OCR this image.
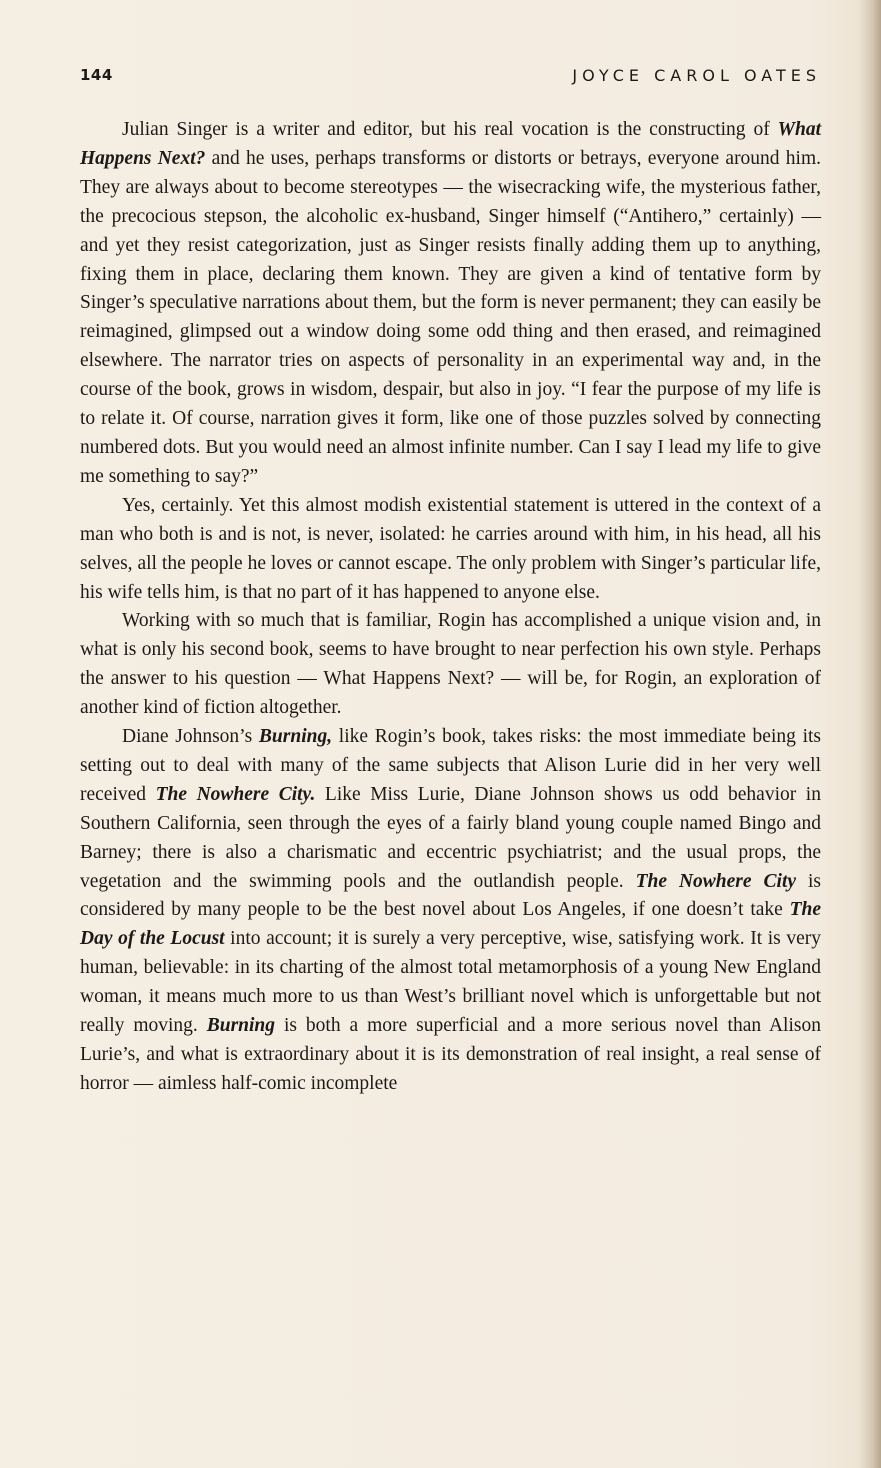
144	JOYCE CAROL OATES

Julian Singer is a writer and editor, but his real vocation is the constructing of What Happens Next? and he uses, perhaps transforms or distorts or betrays, everyone around him. They are always about to become stereotypes — the wisecracking wife, the mysterious father, the precocious stepson, the alcoholic ex-husband, Singer himself (“Antihero,” certainly) — and yet they resist categorization, just as Singer resists finally adding them up to anything, fixing them in place, declaring them known. They are given a kind of tentative form by Singer’s speculative narrations about them, but the form is never permanent; they can easily be reimagined, glimpsed out a window doing some odd thing and then erased, and reimagined elsewhere. The narrator tries on aspects of personality in an experimental way and, in the course of the book, grows in wisdom, despair, but also in joy. “I fear the purpose of my life is to relate it. Of course, narration gives it form, like one of those puzzles solved by connecting numbered dots. But you would need an almost infinite number. Can I say I lead my life to give me something to say?”

Yes, certainly. Yet this almost modish existential statement is uttered in the context of a man who both is and is not, is never, isolated: he carries around with him, in his head, all his selves, all the people he loves or cannot escape. The only problem with Singer’s particular life, his wife tells him, is that no part of it has happened to anyone else.

Working with so much that is familiar, Rogin has accomplished a unique vision and, in what is only his second book, seems to have brought to near perfection his own style. Perhaps the answer to his question — What Happens Next? — will be, for Rogin, an exploration of another kind of fiction altogether.

Diane Johnson’s Burning, like Rogin’s book, takes risks: the most immediate being its setting out to deal with many of the same subjects that Alison Lurie did in her very well received The Nowhere City. Like Miss Lurie, Diane Johnson shows us odd behavior in Southern California, seen through the eyes of a fairly bland young couple named Bingo and Barney; there is also a charismatic and eccentric psychiatrist; and the usual props, the vegetation and the swimming pools and the outlandish people. The Nowhere City is considered by many people to be the best novel about Los Angeles, if one doesn’t take The Day of the Locust into account; it is surely a very perceptive, wise, satisfying work. It is very human, believable: in its charting of the almost total metamorphosis of a young New England woman, it means much more to us than West’s brilliant novel which is unforgettable but not really moving. Burning is both a more superficial and a more serious novel than Alison Lurie’s, and what is extraordinary about it is its demonstration of real insight, a real sense of horror — aimless half-comic incomplete
